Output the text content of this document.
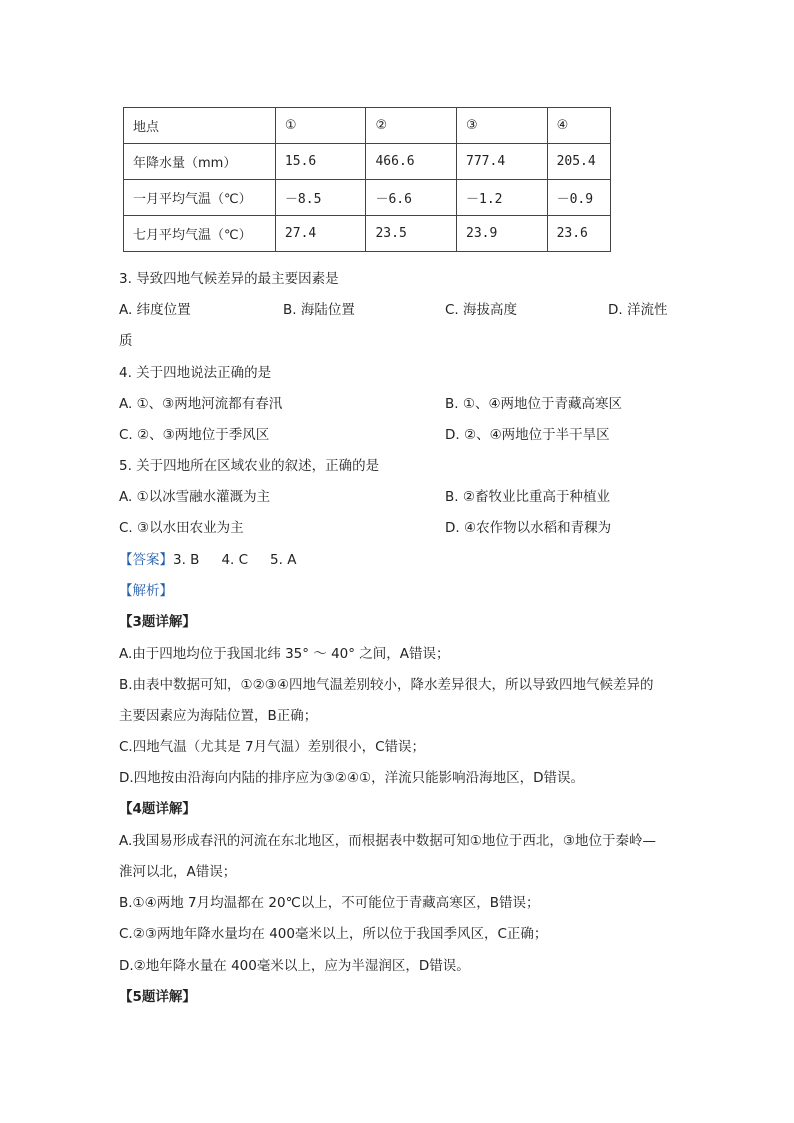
地点	①	②	③	④
年降水量（mm）	15.6	466.6	777.4	205.4
一月平均气温（℃）	－8.5	－6.6	－1.2	－0.9
七月平均气温（℃）	27.4	23.5	23.9	23.6
3. 导致四地气候差异的最主要因素是
A. 纬度位置	B. 海陆位置	C. 海拔高度	D. 洋流性
质
4. 关于四地说法正确的是
A. ①、③两地河流都有春汛	B. ①、④两地位于青藏高寒区
C. ②、③两地位于季风区	D. ②、④两地位于半干旱区
5. 关于四地所在区域农业的叙述，正确的是
A. ①以冰雪融水灌溉为主	B. ②畜牧业比重高于种植业
C. ③以水田农业为主	D. ④农作物以水稻和青稞为
【答案】3. B 4. C 5. A
【解析】
【3题详解】
A.由于四地均位于我国北纬 35° ～ 40° 之间，A错误；
B.由表中数据可知，①②③④四地气温差别较小，降水差异很大，所以导致四地气候差异的
主要因素应为海陆位置，B正确；
C.四地气温（尤其是 7月气温）差别很小，C错误；
D.四地按由沿海向内陆的排序应为③②④①，洋流只能影响沿海地区，D错误。
【4题详解】
A.我国易形成春汛的河流在东北地区，而根据表中数据可知①地位于西北，③地位于秦岭—
淮河以北，A错误；
B.①④两地 7月均温都在 20℃以上，不可能位于青藏高寒区，B错误；
C.②③两地年降水量均在 400毫米以上，所以位于我国季风区，C正确；
D.②地年降水量在 400毫米以上，应为半湿润区，D错误。
【5题详解】
